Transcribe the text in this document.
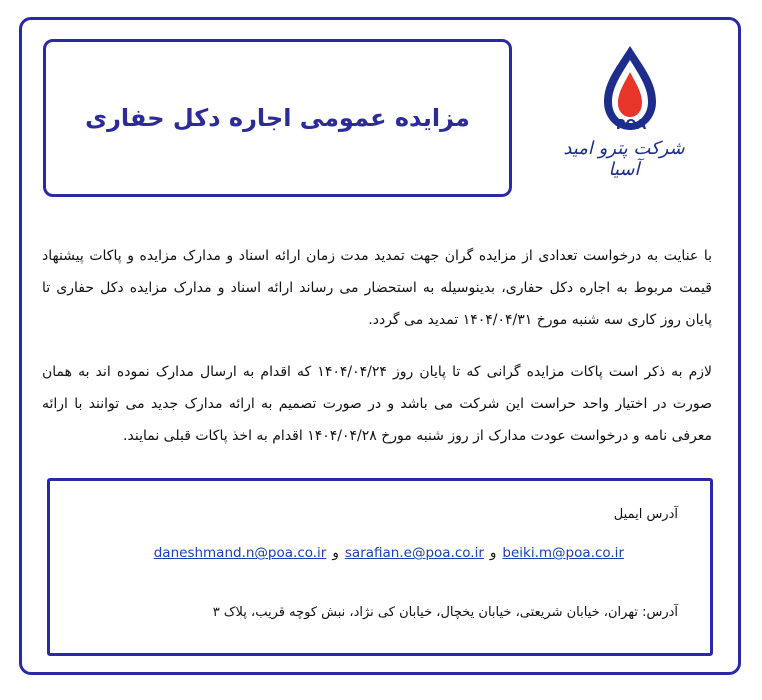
مزایده عمومی اجاره دکل حفاری	POA
شرکت پترو امید آسیا
با عنایت به درخواست تعدادی از مزایده گران جهت تمدید مدت زمان ارائه اسناد و مدارک مزایده و پاکات پیشنهاد قیمت مربوط به اجاره دکل حفاری، بدینوسیله به استحضار می رساند ارائه اسناد و مدارک مزایده دکل حفاری تا پایان روز کاری سه شنبه مورخ ۱۴۰۴/۰۴/۳۱ تمدید می گردد.
لازم به ذکر است پاکات مزایده گرانی که تا پایان روز ۱۴۰۴/۰۴/۲۴ که اقدام به ارسال مدارک نموده اند به همان صورت در اختیار واحد حراست این شرکت می باشد و در صورت تصمیم به ارائه مدارک جدید می توانند با ارائه معرفی نامه و درخواست عودت مدارک از روز شنبه مورخ ۱۴۰۴/۰۴/۲۸ اقدام به اخذ پاکات قبلی نمایند.
آدرس ایمیل
beiki.m@poa.co.irوsarafian.e@poa.co.irوdaneshmand.n@poa.co.ir
آدرس: تهران، خیابان شریعتی، خیابان یخچال، خیابان کی نژاد، نبش کوچه قریب، پلاک ۳
